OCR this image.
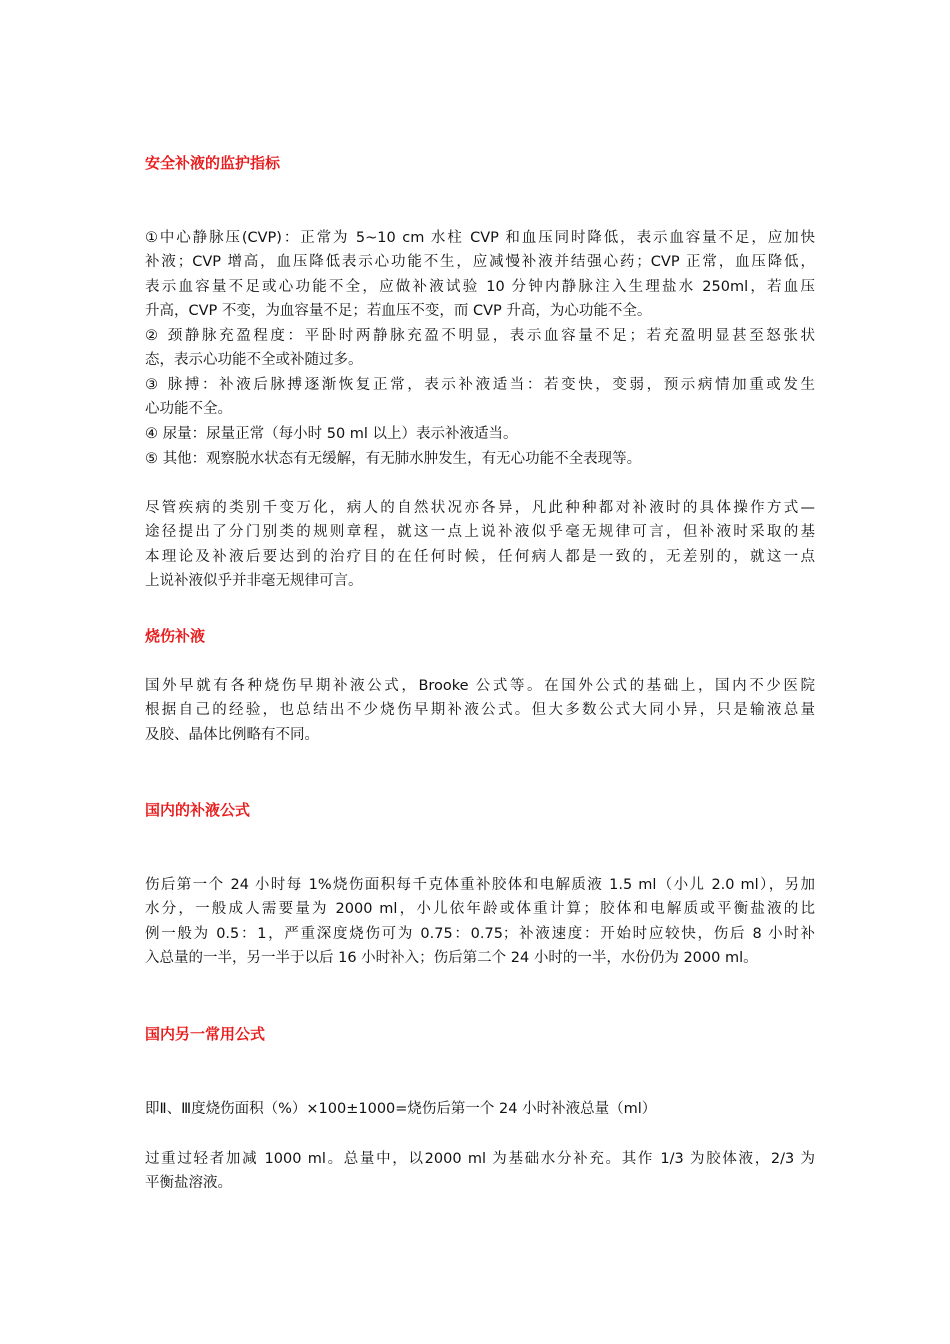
安全补液的监护指标
①中心静脉压(CVP)：正常为 5~10 cm 水柱 CVP 和血压同时降低，表示血容量不足，应加快
补液；CVP 增高，血压降低表示心功能不生，应减慢补液并结强心药；CVP 正常，血压降低，
表示血容量不足或心功能不全，应做补液试验 10 分钟内静脉注入生理盐水 250ml，若血压
升高，CVP 不变，为血容量不足；若血压不变，而 CVP 升高，为心功能不全。
② 颈静脉充盈程度：平卧时两静脉充盈不明显，表示血容量不足；若充盈明显甚至怒张状
态，表示心功能不全或补随过多。
③ 脉搏：补液后脉搏逐渐恢复正常，表示补液适当：若变快，变弱，预示病情加重或发生
心功能不全。
④ 尿量：尿量正常（每小时 50 ml 以上）表示补液适当。
⑤ 其他：观察脱水状态有无缓解，有无肺水肿发生，有无心功能不全表现等。
尽管疾病的类别千变万化，病人的自然状况亦各异，凡此种种都对补液时的具体操作方式—
途径提出了分门别类的规则章程，就这一点上说补液似乎毫无规律可言，但补液时采取的基
本理论及补液后要达到的治疗目的在任何时候，任何病人都是一致的，无差别的，就这一点
上说补液似乎并非毫无规律可言。
烧伤补液
国外早就有各种烧伤早期补液公式，Brooke 公式等。在国外公式的基础上，国内不少医院
根据自己的经验，也总结出不少烧伤早期补液公式。但大多数公式大同小异，只是输液总量
及胶、晶体比例略有不同。
国内的补液公式
伤后第一个 24 小时每 1%烧伤面积每千克体重补胶体和电解质液 1.5 ml（小儿 2.0 ml），另加
水分，一般成人需要量为 2000 ml，小儿依年龄或体重计算；胶体和电解质或平衡盐液的比
例一般为 0.5：1，严重深度烧伤可为 0.75：0.75；补液速度：开始时应较快，伤后 8 小时补
入总量的一半，另一半于以后 16 小时补入；伤后第二个 24 小时的一半，水份仍为 2000 ml。
国内另一常用公式
即Ⅱ、Ⅲ度烧伤面积（%）×100±1000=烧伤后第一个 24 小时补液总量（ml）
过重过轻者加减 1000 ml。总量中，以2000 ml 为基础水分补充。其作 1/3 为胶体液，2/3 为
平衡盐溶液。
